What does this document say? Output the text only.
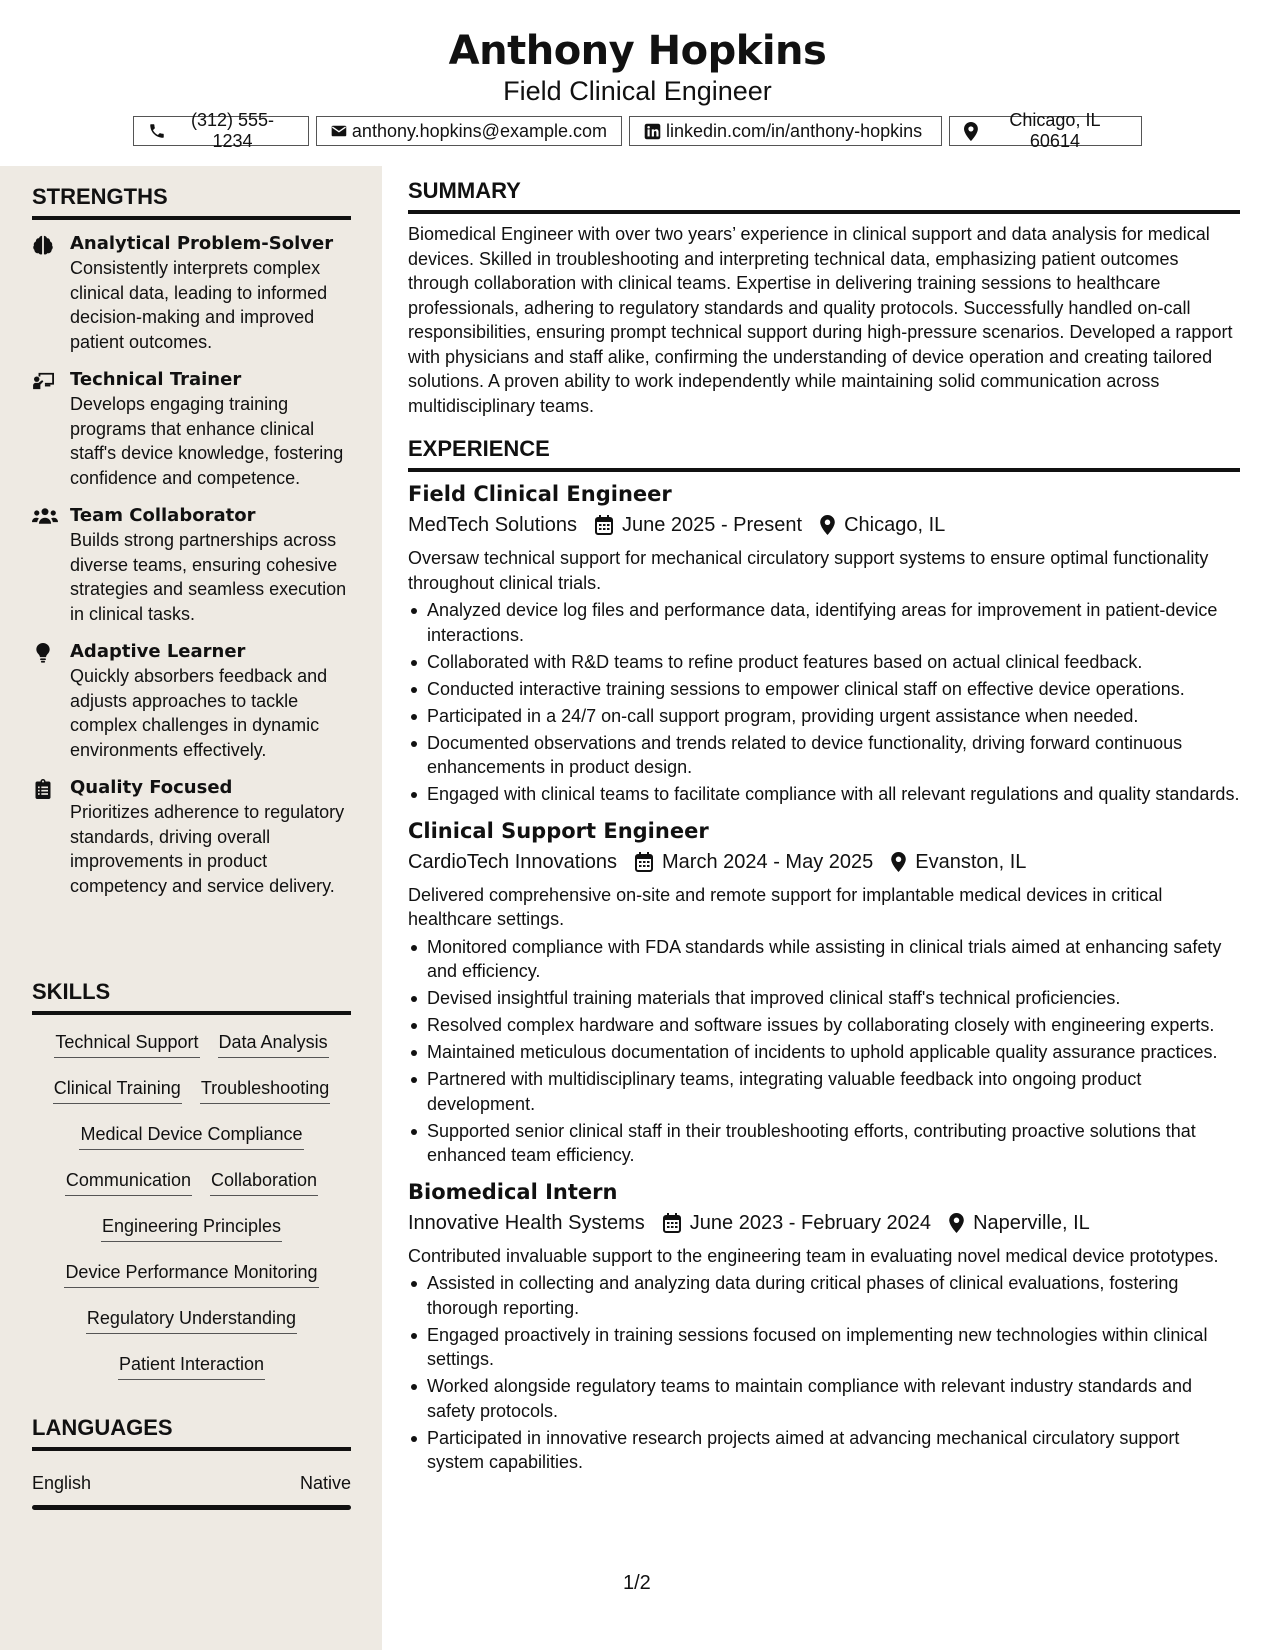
Anthony Hopkins
Field Clinical Engineer
(312) 555-1234
anthony.hopkins@example.com	linkedin.com/in/anthony-hopkins
Chicago, IL 60614
STRENGTHS
Analytical Problem-Solver
Consistently interprets complex clinical data, leading to informed decision-making and improved patient outcomes.
Technical Trainer
Develops engaging training programs that enhance clinical staff's device knowledge, fostering confidence and competence.
Team Collaborator
Builds strong partnerships across diverse teams, ensuring cohesive strategies and seamless execution in clinical tasks.
Adaptive Learner
Quickly absorbers feedback and adjusts approaches to tackle complex challenges in dynamic environments effectively.
Quality Focused
Prioritizes adherence to regulatory standards, driving overall improvements in product competency and service delivery.
SKILLS
Technical Support Data Analysis
Clinical Training Troubleshooting
Medical Device Compliance
Communication Collaboration
Engineering Principles
Device Performance Monitoring
Regulatory Understanding
Patient Interaction
LANGUAGES
English	Native
SUMMARY
Biomedical Engineer with over two years’ experience in clinical support and data analysis for medical devices. Skilled in troubleshooting and interpreting technical data, emphasizing patient outcomes through collaboration with clinical teams. Expertise in delivering training sessions to healthcare professionals, adhering to regulatory standards and quality protocols. Successfully handled on-call responsibilities, ensuring prompt technical support during high-pressure scenarios. Developed a rapport with physicians and staff alike, confirming the understanding of device operation and creating tailored solutions. A proven ability to work independently while maintaining solid communication across multidisciplinary teams.
EXPERIENCE
Field Clinical Engineer
MedTech Solutions June 2025 - Present Chicago, IL
Oversaw technical support for mechanical circulatory support systems to ensure optimal functionality throughout clinical trials.
Analyzed device log files and performance data, identifying areas for improvement in patient-device interactions.
Collaborated with R&D teams to refine product features based on actual clinical feedback.
Conducted interactive training sessions to empower clinical staff on effective device operations.
Participated in a 24/7 on-call support program, providing urgent assistance when needed.
Documented observations and trends related to device functionality, driving forward continuous enhancements in product design.
Engaged with clinical teams to facilitate compliance with all relevant regulations and quality standards.
Clinical Support Engineer
CardioTech Innovations March 2024 - May 2025 Evanston, IL
Delivered comprehensive on-site and remote support for implantable medical devices in critical healthcare settings.
Monitored compliance with FDA standards while assisting in clinical trials aimed at enhancing safety and efficiency.
Devised insightful training materials that improved clinical staff's technical proficiencies.
Resolved complex hardware and software issues by collaborating closely with engineering experts.
Maintained meticulous documentation of incidents to uphold applicable quality assurance practices.
Partnered with multidisciplinary teams, integrating valuable feedback into ongoing product development.
Supported senior clinical staff in their troubleshooting efforts, contributing proactive solutions that enhanced team efficiency.
Biomedical Intern
Innovative Health Systems June 2023 - February 2024 Naperville, IL
Contributed invaluable support to the engineering team in evaluating novel medical device prototypes.
Assisted in collecting and analyzing data during critical phases of clinical evaluations, fostering thorough reporting.
Engaged proactively in training sessions focused on implementing new technologies within clinical settings.
Worked alongside regulatory teams to maintain compliance with relevant industry standards and safety protocols.
Participated in innovative research projects aimed at advancing mechanical circulatory support system capabilities.
1/2
